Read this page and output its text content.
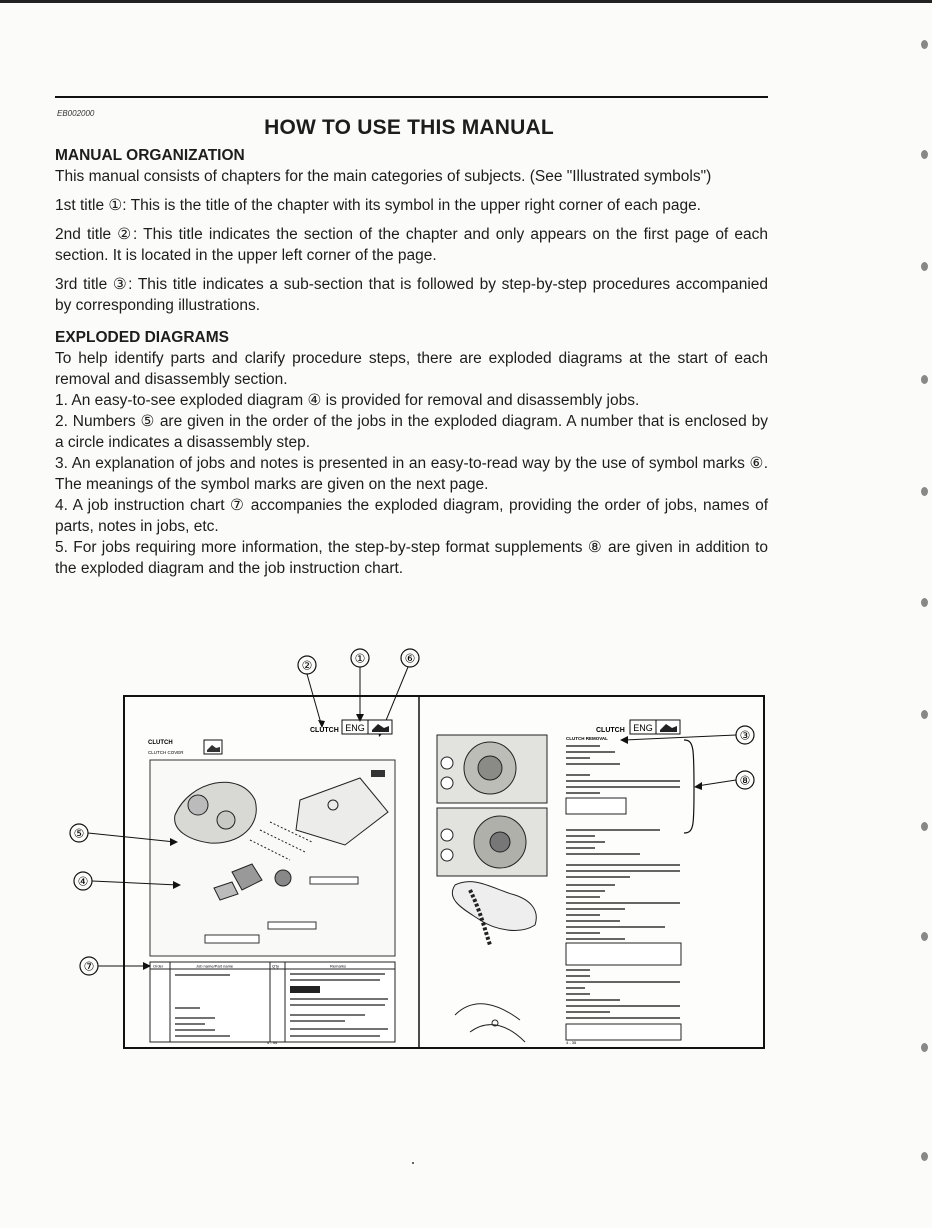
EB002000
HOW TO USE THIS MANUAL
MANUAL ORGANIZATION

This manual consists of chapters for the main categories of subjects. (See "Illustrated symbols")

1st title ①: This is the title of the chapter with its symbol in the upper right corner of each page.

2nd title ②: This title indicates the section of the chapter and only appears on the first page of each section. It is located in the upper left corner of the page.

3rd title ③: This title indicates a sub-section that is followed by step-by-step procedures accompanied by corresponding illustrations.

EXPLODED DIAGRAMS

To help identify parts and clarify procedure steps, there are exploded diagrams at the start of each removal and disassembly section.

1. An easy-to-see exploded diagram ④ is provided for removal and disassembly jobs.

2. Numbers ⑤ are given in the order of the jobs in the exploded diagram. A number that is enclosed by a circle indicates a disassembly step.

3. An explanation of jobs and notes is presented in an easy-to-read way by the use of symbol marks ⑥. The meanings of the symbol marks are given on the next page.

4. A job instruction chart ⑦ accompanies the exploded diagram, providing the order of jobs, names of parts, notes in jobs, etc.

5. For jobs requiring more information, the step-by-step format supplements ⑧ are given in addition to the exploded diagram and the job instruction chart.

②	①	⑥
CLUTCH ENG
CLUTCH
CLUTCH COVER
Order	Job name/Part name	Q'ty	Remarks
4 - 34
⑤
④
⑦
CLUTCH ENG
CLUTCH REMOVAL
4 - 35
③
⑧
